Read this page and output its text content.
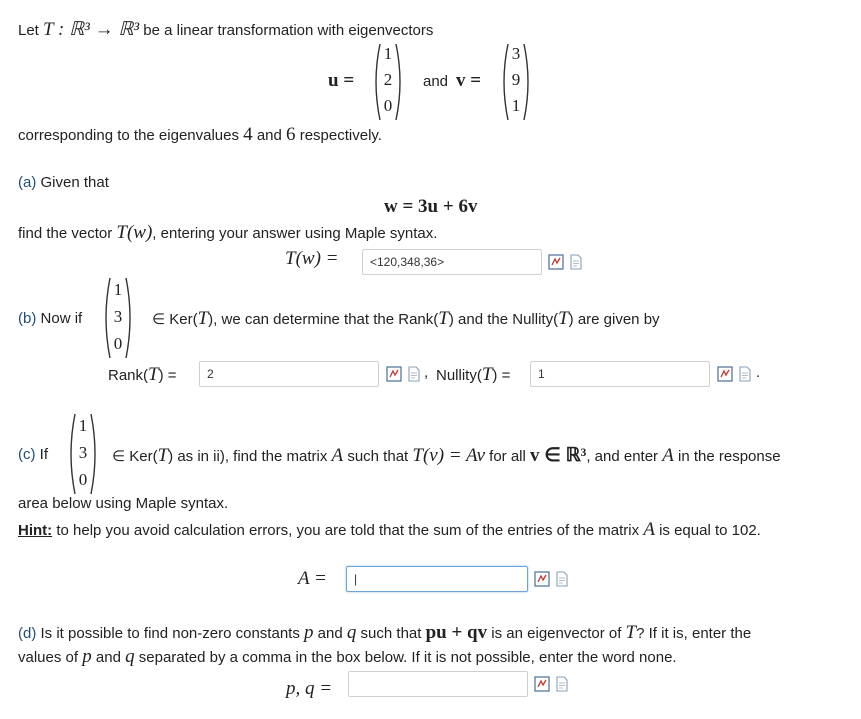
Let T : ℝ³ → ℝ³ be a linear transformation with eigenvectors
u =
1
2
0
and v =
3
9
1
corresponding to the eigenvalues 4 and 6 respectively.
(a) Given that
w = 3u + 6v
find the vector T(w), entering your answer using Maple syntax.
T(w) =
<120,348,36>
(b) Now if
1
3
0
∈ Ker(T), we can determine that the Rank(T) and the Nullity(T) are given by
Rank(T) =
2	, Nullity(T) =
1	.
(c) If
1
3
0
∈ Ker(T) as in ii), find the matrix A such that T(v) = Av for all v ∈ ℝ³, and enter A in the response
area below using Maple syntax.
Hint: to help you avoid calculation errors, you are told that the sum of the entries of the matrix A is equal to 102.
A =
|
(d) Is it possible to find non-zero constants p and q such that pu + qv is an eigenvector of T? If it is, enter the
values of p and q separated by a comma in the box below. If it is not possible, enter the word none.
p, q =
